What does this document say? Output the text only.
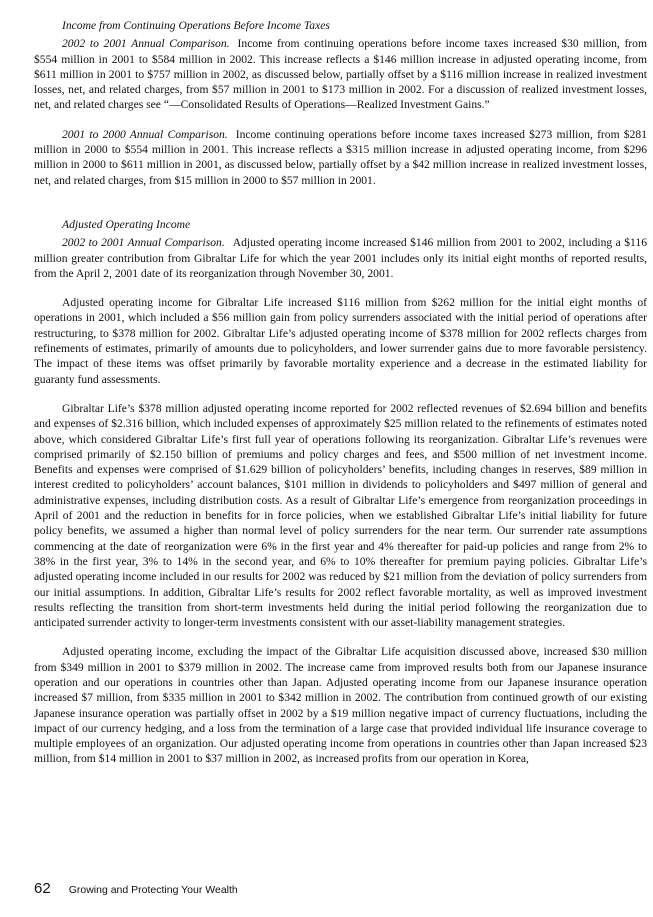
Income from Continuing Operations Before Income Taxes

2002 to 2001 Annual Comparison. Income from continuing operations before income taxes increased $30 million, from $554 million in 2001 to $584 million in 2002. This increase reflects a $146 million increase in adjusted operating income, from $611 million in 2001 to $757 million in 2002, as discussed below, partially offset by a $116 million increase in realized investment losses, net, and related charges, from $57 million in 2001 to $173 million in 2002. For a discussion of realized investment losses, net, and related charges see “—Consolidated Results of Operations—Realized Investment Gains.”

2001 to 2000 Annual Comparison. Income continuing operations before income taxes increased $273 million, from $281 million in 2000 to $554 million in 2001. This increase reflects a $315 million increase in adjusted operating income, from $296 million in 2000 to $611 million in 2001, as discussed below, partially offset by a $42 million increase in realized investment losses, net, and related charges, from $15 million in 2000 to $57 million in 2001.

Adjusted Operating Income

2002 to 2001 Annual Comparison. Adjusted operating income increased $146 million from 2001 to 2002, including a $116 million greater contribution from Gibraltar Life for which the year 2001 includes only its initial eight months of reported results, from the April 2, 2001 date of its reorganization through November 30, 2001.

Adjusted operating income for Gibraltar Life increased $116 million from $262 million for the initial eight months of operations in 2001, which included a $56 million gain from policy surrenders associated with the initial period of operations after restructuring, to $378 million for 2002. Gibraltar Life’s adjusted operating income of $378 million for 2002 reflects charges from refinements of estimates, primarily of amounts due to policyholders, and lower surrender gains due to more favorable persistency. The impact of these items was offset primarily by favorable mortality experience and a decrease in the estimated liability for guaranty fund assessments.

Gibraltar Life’s $378 million adjusted operating income reported for 2002 reflected revenues of $2.694 billion and benefits and expenses of $2.316 billion, which included expenses of approximately $25 million related to the refinements of estimates noted above, which considered Gibraltar Life’s first full year of operations following its reorganization. Gibraltar Life’s revenues were comprised primarily of $2.150 billion of premiums and policy charges and fees, and $500 million of net investment income. Benefits and expenses were comprised of $1.629 billion of policyholders’ benefits, including changes in reserves, $89 million in interest credited to policyholders’ account balances, $101 million in dividends to policyholders and $497 million of general and administrative expenses, including distribution costs. As a result of Gibraltar Life’s emergence from reorganization proceedings in April of 2001 and the reduction in benefits for in force policies, when we established Gibraltar Life’s initial liability for future policy benefits, we assumed a higher than normal level of policy surrenders for the near term. Our surrender rate assumptions commencing at the date of reorganization were 6% in the first year and 4% thereafter for paid-up policies and range from 2% to 38% in the first year, 3% to 14% in the second year, and 6% to 10% thereafter for premium paying policies. Gibraltar Life’s adjusted operating income included in our results for 2002 was reduced by $21 million from the deviation of policy surrenders from our initial assumptions. In addition, Gibraltar Life’s results for 2002 reflect favorable mortality, as well as improved investment results reflecting the transition from short-term investments held during the initial period following the reorganization due to anticipated surrender activity to longer-term investments consistent with our asset-liability management strategies.

Adjusted operating income, excluding the impact of the Gibraltar Life acquisition discussed above, increased $30 million from $349 million in 2001 to $379 million in 2002. The increase came from improved results both from our Japanese insurance operation and our operations in countries other than Japan. Adjusted operating income from our Japanese insurance operation increased $7 million, from $335 million in 2001 to $342 million in 2002. The contribution from continued growth of our existing Japanese insurance operation was partially offset in 2002 by a $19 million negative impact of currency fluctuations, including the impact of our currency hedging, and a loss from the termination of a large case that provided individual life insurance coverage to multiple employees of an organization. Our adjusted operating income from operations in countries other than Japan increased $23 million, from $14 million in 2001 to $37 million in 2002, as increased profits from our operation in Korea,

62 Growing and Protecting Your Wealth
